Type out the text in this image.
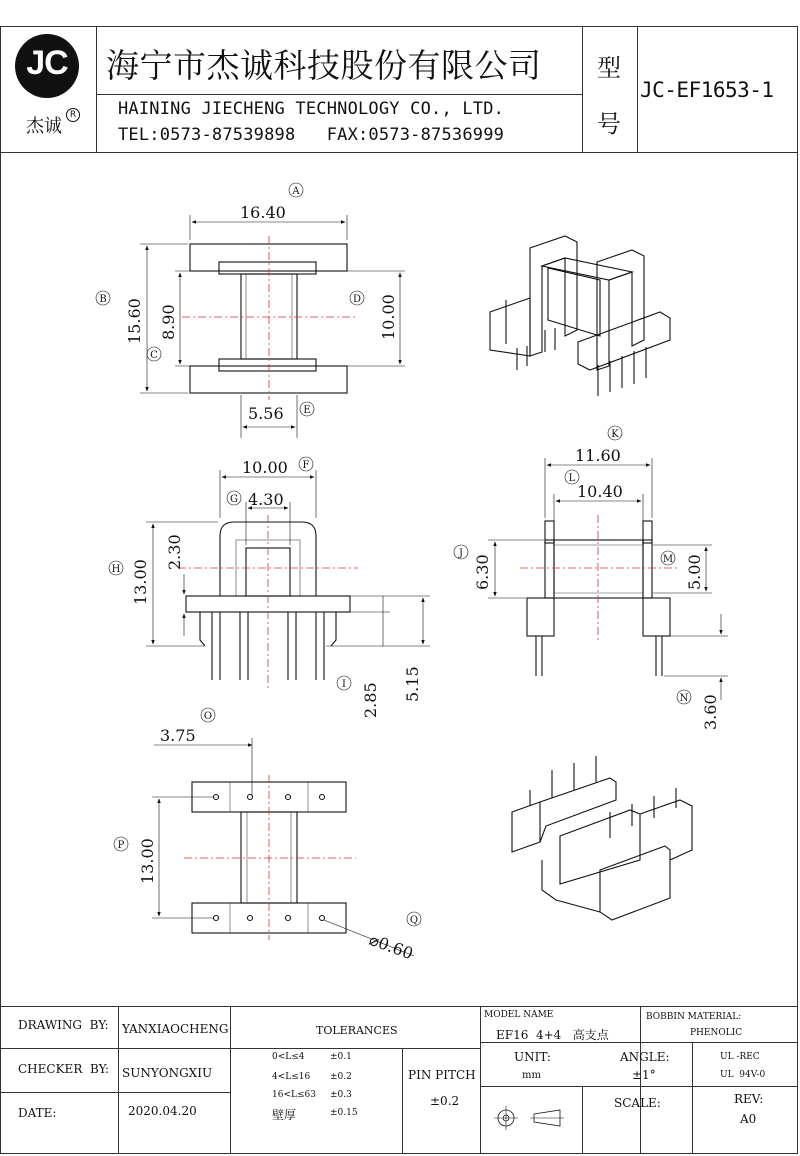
JC
杰诚
R
海宁市杰诚科技股份有限公司
HAINING JIECHENG TECHNOLOGY CO., LTD.
TEL:0573-87539898   FAX:0573-87536999
型
号
JC-EF1653-1
A
B
C
D
E
F
G
H
I
J
K
L
M
N
O
P
Q
16.40
15.60 8.90	10.00
5.56
10.00
4.30
2.30
13.00
2.85 5.15
11.60
10.40
6.30	5.00
3.60
3.75
13.00
⌀0.60
DRAWING  BY: YANXIAOCHENG
CHECKER  BY: SUNYONGXIU
DATE:	2020.04.20
TOLERANCES
0<L≤4	±0.1
4<L≤16 ±0.2
16<L≤63 ±0.3
壁厚	±0.15
PIN PITCH
±0.2
MODEL NAME
EF16  4+4   高支点
UNIT:
mm
ANGLE:
±1°
SCALE:
BOBBIN MATERIAL:
PHENOLIC
UL -REC
UL  94V-0
REV:
A0
